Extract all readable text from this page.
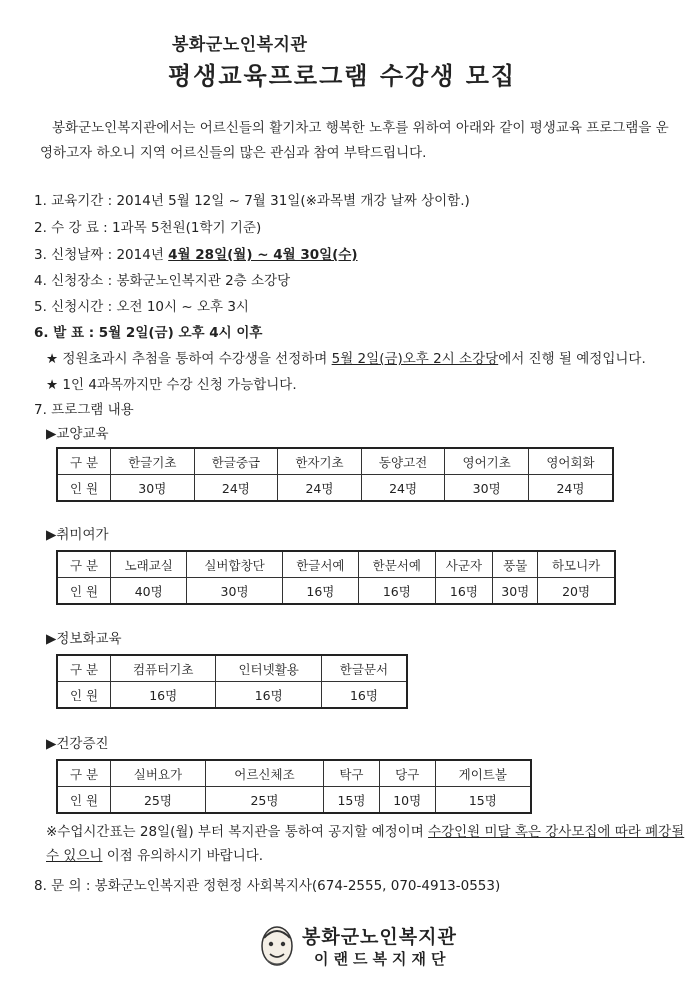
봉화군노인복지관
평생교육프로그램 수강생 모집
봉화군노인복지관에서는 어르신들의 활기차고 행복한 노후를 위하여 아래와 같이 평생교육 프로그램을 운영하고자 하오니 지역 어르신들의 많은 관심과 참여 부탁드립니다.
1. 교육기간 : 2014년 5월 12일 ~ 7월 31일(※과목별 개강 날짜 상이함.)
2. 수 강 료 : 1과목 5천원(1학기 기준)
3. 신청날짜 : 2014년 4월 28일(월) ~ 4월 30일(수)
4. 신청장소 : 봉화군노인복지관 2층 소강당
5. 신청시간 : 오전 10시 ~ 오후 3시
6. 발 표 : 5월 2일(금) 오후 4시 이후
★ 정원초과시 추첨을 통하여 수강생을 선정하며 5월 2일(금)오후 2시 소강당에서 진행 될 예정입니다.
★ 1인 4과목까지만 수강 신청 가능합니다.
7. 프로그램 내용
▶교양교육
구 분	한글기초	한글중급	한자기초	동양고전	영어기초	영어회화
인 원	30명	24명	24명	24명	30명	24명
▶취미여가
구 분	노래교실	실버합창단	한글서예	한문서예	사군자	풍물	하모니카
인 원	40명	30명	16명	16명	16명	30명	20명
▶정보화교육
구 분	컴퓨터기초	인터넷활용	한글문서
인 원	16명	16명	16명
▶건강증진
구 분	실버요가	어르신체조	탁구	당구	게이트볼
인 원	25명	25명	15명	10명	15명
※수업시간표는 28일(월) 부터 복지관을 통하여 공지할 예정이며 수강인원 미달 혹은 강사모집에 따라 폐강될 수 있으니 이점 유의하시기 바랍니다.
8. 문 의 : 봉화군노인복지관 정현정 사회복지사(674-2555, 070-4913-0553)
봉화군노인복지관
이랜드복지재단
